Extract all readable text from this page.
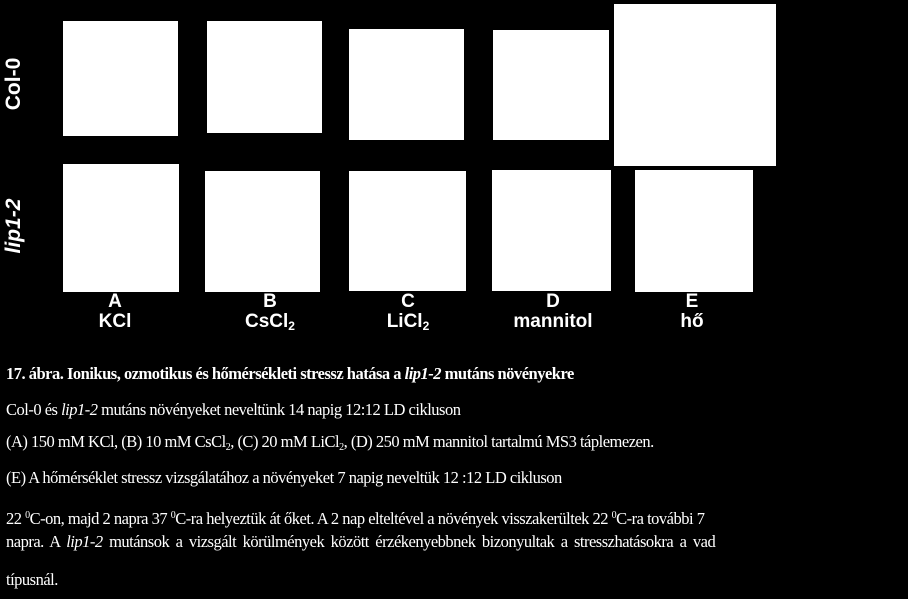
Col-0
lip1-2
A
KCl
B
CsCl$_2$
C
LiCl$_2$
D
mannitol
E
hő

17. ábra. Ionikus, ozmotikus és hőmérsékleti stressz hatása a lip1-2 mutáns növényekre

Col-0 és lip1-2 mutáns növényeket neveltünk 14 napig 12:12 LD cikluson

(A) 150 mM KCl, (B) 10 mM CsCl$_2$, (C) 20 mM LiCl$_2$, (D) 250 mM mannitol tartalmú MS3 táplemezen.

(E) A hőmérséklet stressz vizsgálatához a növényeket 7 napig neveltük 12 :12 LD cikluson

22 $^0$C-on, majd 2 napra 37 $^0$C-ra helyeztük át őket. A 2 nap elteltével a növények visszakerültek 22 $^0$C-ra további 7

napra. A lip1-2 mutánsok a vizsgált körülmények között érzékenyebbnek bizonyultak a stresszhatásokra a vad

típusnál.
